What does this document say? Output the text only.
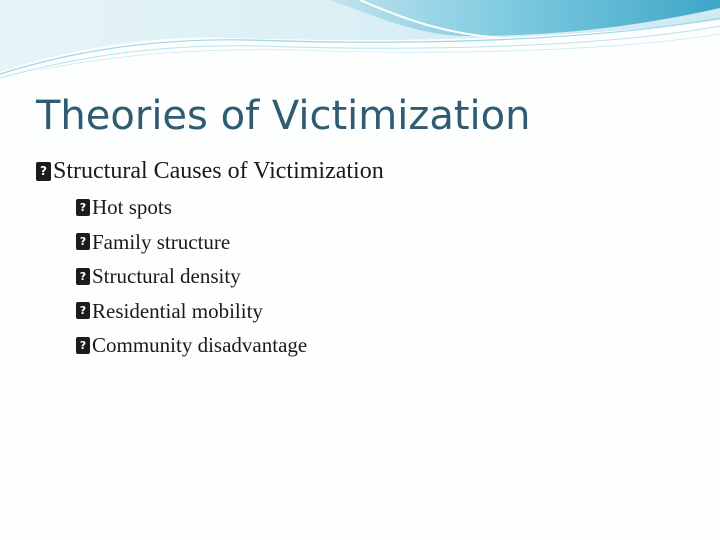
Theories of Victimization
?
Structural Causes of Victimization
?
Hot spots
?
Family structure
?
Structural density
?
Residential mobility
?
Community disadvantage
